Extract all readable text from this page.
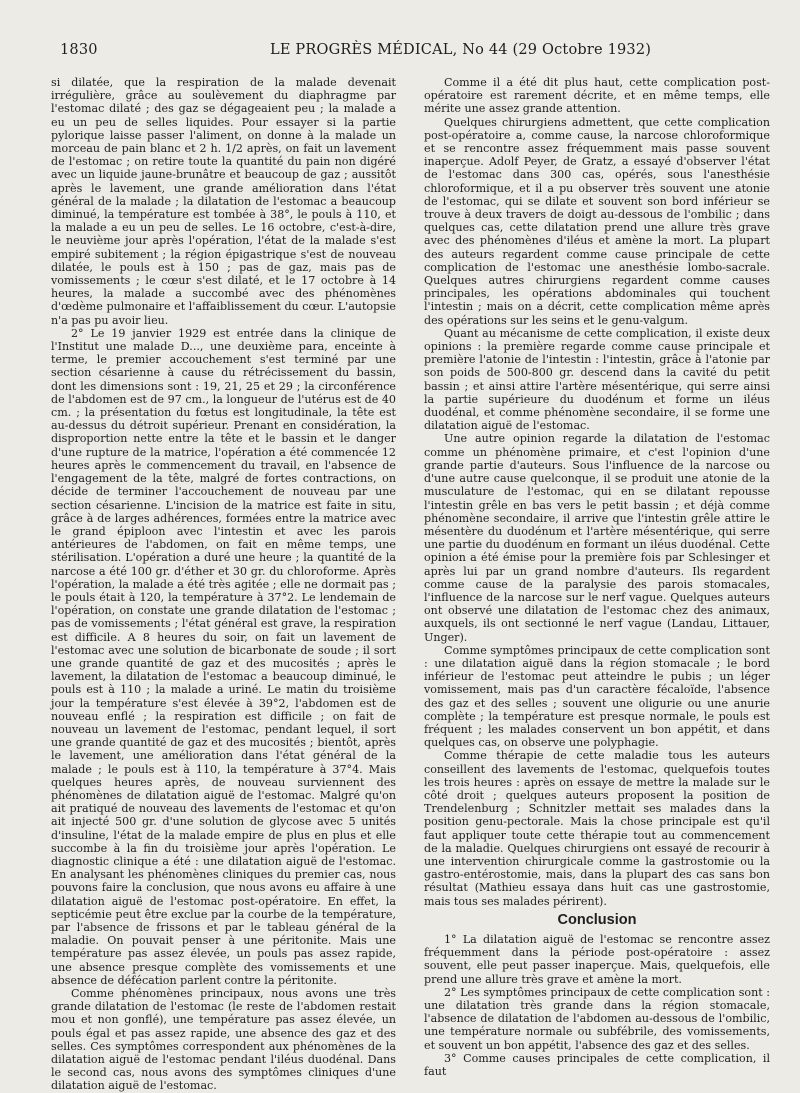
1830	LE PROGRÈS MÉDICAL, No 44 (29 Octobre 1932)

si dilatée, que la respiration de la malade devenait irrégulière, grâce au soulèvement du diaphragme par l'estomac dilaté ; des gaz se dégageaient peu ; la malade a eu un peu de selles liquides. Pour essayer si la partie pylorique laisse passer l'aliment, on donne à la malade un morceau de pain blanc et 2 h. 1/2 après, on fait un lavement de l'estomac ; on retire toute la quantité du pain non digéré avec un liquide jaune-brunâtre et beaucoup de gaz ; aussitôt après le lavement, une grande amélioration dans l'état général de la malade ; la dilatation de l'estomac a beaucoup diminué, la température est tombée à 38°, le pouls à 110, et la malade a eu un peu de selles. Le 16 octobre, c'est-à-dire, le neuvième jour après l'opération, l'état de la malade s'est empiré subitement ; la région épigastrique s'est de nouveau dilatée, le pouls est à 150 ; pas de gaz, mais pas de vomissements ; le cœur s'est dilaté, et le 17 octobre à 14 heures, la malade a succombé avec des phénomènes d'œdème pulmonaire et l'affaiblissement du cœur. L'autopsie n'a pas pu avoir lieu.

2° Le 19 janvier 1929 est entrée dans la clinique de l'Institut une malade D..., une deuxième para, enceinte à terme, le premier accouchement s'est terminé par une section césarienne à cause du rétrécissement du bassin, dont les dimensions sont : 19, 21, 25 et 29 ; la circonférence de l'abdomen est de 97 cm., la longueur de l'utérus est de 40 cm. ; la présentation du fœtus est longitudinale, la tête est au-dessus du détroit supérieur. Prenant en considération, la disproportion nette entre la tête et le bassin et le danger d'une rupture de la matrice, l'opération a été commencée 12 heures après le commencement du travail, en l'absence de l'engagement de la tête, malgré de fortes contractions, on décide de terminer l'accouchement de nouveau par une section césarienne. L'incision de la matrice est faite in situ, grâce à de larges adhérences, formées entre la matrice avec le grand épiploon avec l'intestin et avec les parois antérieures de l'abdomen, on fait en même temps, une stérilisation. L'opération a duré une heure ; la quantité de la narcose a été 100 gr. d'éther et 30 gr. du chloroforme. Après l'opération, la malade a été très agitée ; elle ne dormait pas ; le pouls était à 120, la température à 37°2. Le lendemain de l'opération, on constate une grande dilatation de l'estomac ; pas de vomissements ; l'état général est grave, la respiration est difficile. A 8 heures du soir, on fait un lavement de l'estomac avec une solution de bicarbonate de soude ; il sort une grande quantité de gaz et des mucosités ; après le lavement, la dilatation de l'estomac a beaucoup diminué, le pouls est à 110 ; la malade a uriné. Le matin du troisième jour la température s'est élevée à 39°2, l'abdomen est de nouveau enflé ; la respiration est difficile ; on fait de nouveau un lavement de l'estomac, pendant lequel, il sort une grande quantité de gaz et des mucosités ; bientôt, après le lavement, une amélioration dans l'état général de la malade ; le pouls est à 110, la température à 37°4. Mais quelques heures après, de nouveau surviennent des phénomènes de dilatation aiguë de l'estomac. Malgré qu'on ait pratiqué de nouveau des lavements de l'estomac et qu'on ait injecté 500 gr. d'une solution de glycose avec 5 unités d'insuline, l'état de la malade empire de plus en plus et elle succombe à la fin du troisième jour après l'opération. Le diagnostic clinique a été : une dilatation aiguë de l'estomac. En analysant les phénomènes cliniques du premier cas, nous pouvons faire la conclusion, que nous avons eu affaire à une dilatation aiguë de l'estomac post-opératoire. En effet, la septicémie peut être exclue par la courbe de la température, par l'absence de frissons et par le tableau général de la maladie. On pouvait penser à une péritonite. Mais une température pas assez élevée, un pouls pas assez rapide, une absence presque complète des vomissements et une absence de défécation parlent contre la péritonite.

Comme phénomènes principaux, nous avons une très grande dilatation de l'estomac (le reste de l'abdomen restait mou et non gonflé), une température pas assez élevée, un pouls égal et pas assez rapide, une absence des gaz et des selles. Ces symptômes correspondent aux phénomènes de la dilatation aiguë de l'estomac pendant l'iléus duodénal. Dans le second cas, nous avons des symptômes cliniques d'une dilatation aiguë de l'estomac.

Comme il a été dit plus haut, cette complication post-opératoire est rarement décrite, et en même temps, elle mérite une assez grande attention.

Quelques chirurgiens admettent, que cette complication post-opératoire a, comme cause, la narcose chloroformique et se rencontre assez fréquemment mais passe souvent inaperçue. Adolf Peyer, de Gratz, a essayé d'observer l'état de l'estomac dans 300 cas, opérés, sous l'anesthésie chloroformique, et il a pu observer très souvent une atonie de l'estomac, qui se dilate et souvent son bord inférieur se trouve à deux travers de doigt au-dessous de l'ombilic ; dans quelques cas, cette dilatation prend une allure très grave avec des phénomènes d'iléus et amène la mort. La plupart des auteurs regardent comme cause principale de cette complication de l'estomac une anesthésie lombo-sacrale. Quelques autres chirurgiens regardent comme causes principales, les opérations abdominales qui touchent l'intestin ; mais on a décrit, cette complication même après des opérations sur les seins et le genu-valgum.

Quant au mécanisme de cette complication, il existe deux opinions : la première regarde comme cause principale et première l'atonie de l'intestin : l'intestin, grâce à l'atonie par son poids de 500-800 gr. descend dans la cavité du petit bassin ; et ainsi attire l'artère mésentérique, qui serre ainsi la partie supérieure du duodénum et forme un iléus duodénal, et comme phénomène secondaire, il se forme une dilatation aiguë de l'estomac.

Une autre opinion regarde la dilatation de l'estomac comme un phénomène primaire, et c'est l'opinion d'une grande partie d'auteurs. Sous l'influence de la narcose ou d'une autre cause quelconque, il se produit une atonie de la musculature de l'estomac, qui en se dilatant repousse l'intestin grêle en bas vers le petit bassin ; et déjà comme phénomène secondaire, il arrive que l'intestin grêle attire le mésentère du duodénum et l'artère mésentérique, qui serre une partie du duodénum en formant un iléus duodénal. Cette opinion a été émise pour la première fois par Schlesinger et après lui par un grand nombre d'auteurs. Ils regardent comme cause de la paralysie des parois stomacales, l'influence de la narcose sur le nerf vague. Quelques auteurs ont observé une dilatation de l'estomac chez des animaux, auxquels, ils ont sectionné le nerf vague (Landau, Littauer, Unger).

Comme symptômes principaux de cette complication sont : une dilatation aiguë dans la région stomacale ; le bord inférieur de l'estomac peut atteindre le pubis ; un léger vomissement, mais pas d'un caractère fécaloïde, l'absence des gaz et des selles ; souvent une oligurie ou une anurie complète ; la température est presque normale, le pouls est fréquent ; les malades conservent un bon appétit, et dans quelques cas, on observe une polyphagie.

Comme thérapie de cette maladie tous les auteurs conseillent des lavements de l'estomac, quelquefois toutes les trois heures : après on essaye de mettre la malade sur le côté droit ; quelques auteurs proposent la position de Trendelenburg ; Schnitzler mettait ses malades dans la position genu-pectorale. Mais la chose principale est qu'il faut appliquer toute cette thérapie tout au commencement de la maladie. Quelques chirurgiens ont essayé de recourir à une intervention chirurgicale comme la gastrostomie ou la gastro-entérostomie, mais, dans la plupart des cas sans bon résultat (Mathieu essaya dans huit cas une gastrostomie, mais tous ses malades périrent).

Conclusion

1° La dilatation aiguë de l'estomac se rencontre assez fréquemment dans la période post-opératoire : assez souvent, elle peut passer inaperçue. Mais, quelquefois, elle prend une allure très grave et amène la mort.

2° Les symptômes principaux de cette complication sont : une dilatation très grande dans la région stomacale, l'absence de dilatation de l'abdomen au-dessous de l'ombilic, une température normale ou subfébrile, des vomissements, et souvent un bon appétit, l'absence des gaz et des selles.

3° Comme causes principales de cette complication, il faut
